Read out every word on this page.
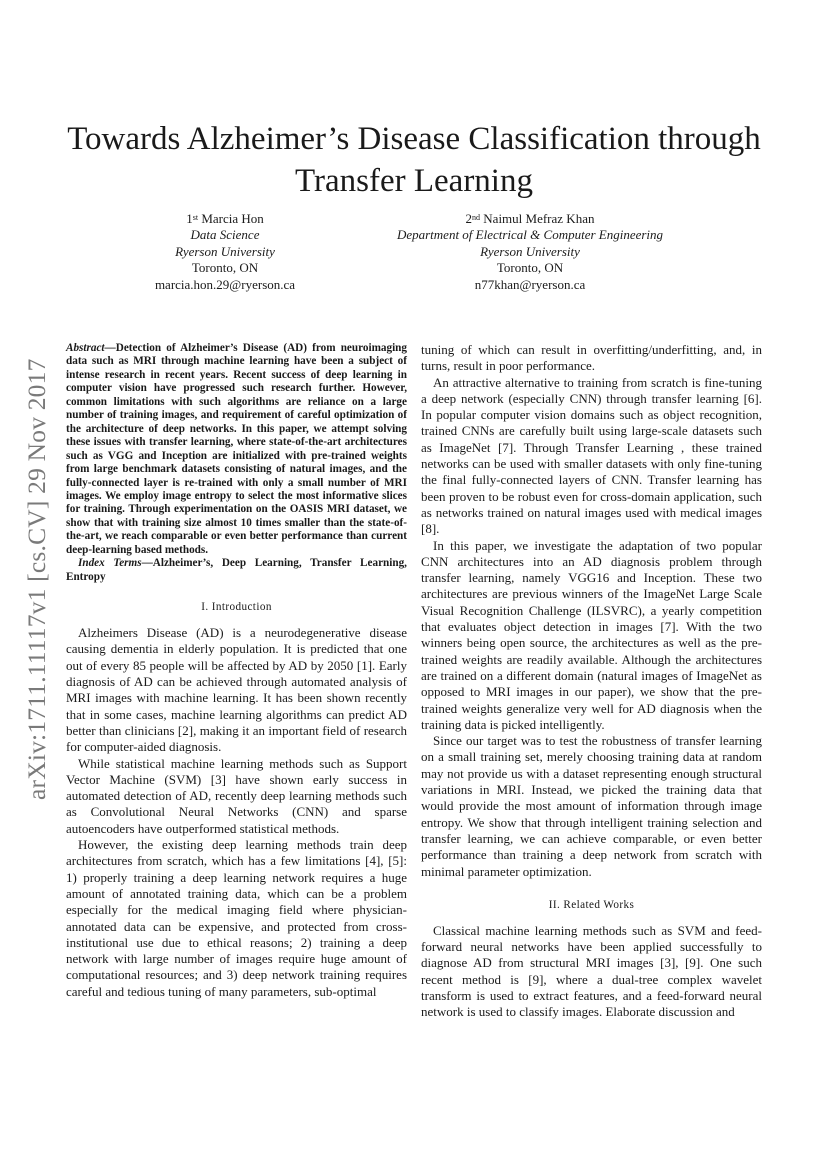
arXiv:1711.11117v1 [cs.CV] 29 Nov 2017
Towards Alzheimer’s Disease Classification through
Transfer Learning
1st Marcia Hon
Data Science
Ryerson University
Toronto, ON
marcia.hon.29@ryerson.ca
2nd Naimul Mefraz Khan
Department of Electrical & Computer Engineering
Ryerson University
Toronto, ON
n77khan@ryerson.ca

Abstract—Detection of Alzheimer’s Disease (AD) from neuroimaging data such as MRI through machine learning have been a subject of intense research in recent years. Recent success of deep learning in computer vision have progressed such research further. However, common limitations with such algorithms are reliance on a large number of training images, and requirement of careful optimization of the architecture of deep networks. In this paper, we attempt solving these issues with transfer learning, where state-of-the-art architectures such as VGG and Inception are initialized with pre-trained weights from large benchmark datasets consisting of natural images, and the fully-connected layer is re-trained with only a small number of MRI images. We employ image entropy to select the most informative slices for training. Through experimentation on the OASIS MRI dataset, we show that with training size almost 10 times smaller than the state-of-the-art, we reach comparable or even better performance than current deep-learning based methods.

Index Terms—Alzheimer’s, Deep Learning, Transfer Learning, Entropy

I. Introduction

Alzheimers Disease (AD) is a neurodegenerative disease causing dementia in elderly population. It is predicted that one out of every 85 people will be affected by AD by 2050 [1]. Early diagnosis of AD can be achieved through automated analysis of MRI images with machine learning. It has been shown recently that in some cases, machine learning algorithms can predict AD better than clinicians [2], making it an important field of research for computer-aided diagnosis.

While statistical machine learning methods such as Support Vector Machine (SVM) [3] have shown early success in automated detection of AD, recently deep learning methods such as Convolutional Neural Networks (CNN) and sparse autoencoders have outperformed statistical methods.

However, the existing deep learning methods train deep architectures from scratch, which has a few limitations [4], [5]: 1) properly training a deep learning network requires a huge amount of annotated training data, which can be a problem especially for the medical imaging field where physician-annotated data can be expensive, and protected from cross-institutional use due to ethical reasons; 2) training a deep network with large number of images require huge amount of computational resources; and 3) deep network training requires careful and tedious tuning of many parameters, sub-optimal

tuning of which can result in overfitting/underfitting, and, in turns, result in poor performance.

An attractive alternative to training from scratch is fine-tuning a deep network (especially CNN) through transfer learning [6]. In popular computer vision domains such as object recognition, trained CNNs are carefully built using large-scale datasets such as ImageNet [7]. Through Transfer Learning , these trained networks can be used with smaller datasets with only fine-tuning the final fully-connected layers of CNN. Transfer learning has been proven to be robust even for cross-domain application, such as networks trained on natural images used with medical images [8].

In this paper, we investigate the adaptation of two popular CNN architectures into an AD diagnosis problem through transfer learning, namely VGG16 and Inception. These two architectures are previous winners of the ImageNet Large Scale Visual Recognition Challenge (ILSVRC), a yearly competition that evaluates object detection in images [7]. With the two winners being open source, the architectures as well as the pre-trained weights are readily available. Although the architectures are trained on a different domain (natural images of ImageNet as opposed to MRI images in our paper), we show that the pre-trained weights generalize very well for AD diagnosis when the training data is picked intelligently.

Since our target was to test the robustness of transfer learning on a small training set, merely choosing training data at random may not provide us with a dataset representing enough structural variations in MRI. Instead, we picked the training data that would provide the most amount of information through image entropy. We show that through intelligent training selection and transfer learning, we can achieve comparable, or even better performance than training a deep network from scratch with minimal parameter optimization.

II. Related Works

Classical machine learning methods such as SVM and feed-forward neural networks have been applied successfully to diagnose AD from structural MRI images [3], [9]. One such recent method is [9], where a dual-tree complex wavelet transform is used to extract features, and a feed-forward neural network is used to classify images. Elaborate discussion and
